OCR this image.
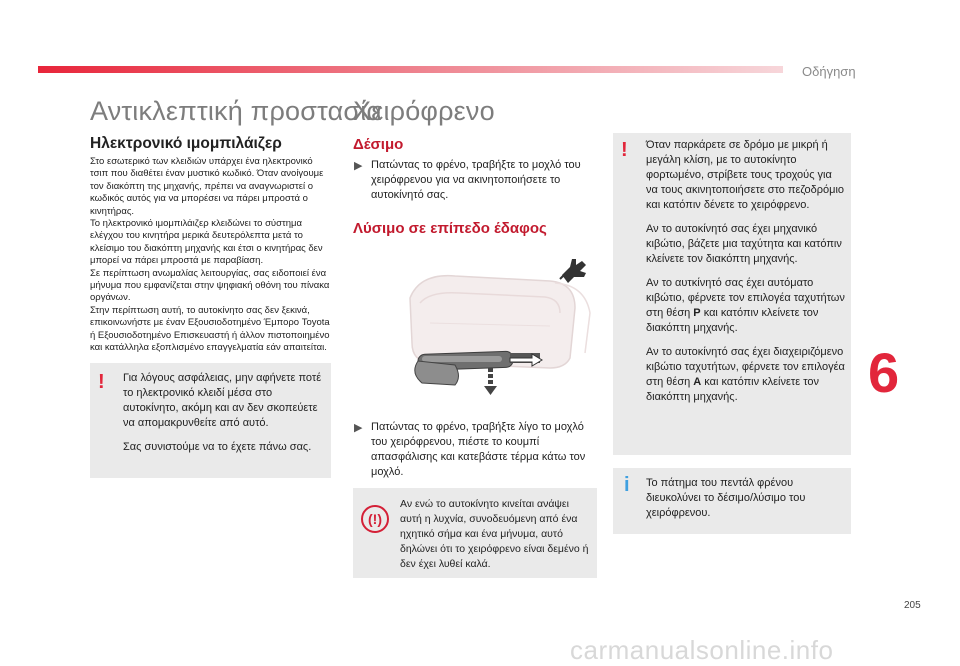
Οδήγηση
Αντικλεπτική προστασία
Ηλεκτρονικό ιμομπιλάιζερ
Στο εσωτερικό των κλειδιών υπάρχει ένα ηλεκτρονικό τσιπ που διαθέτει έναν μυστικό κωδικό. Όταν ανοίγουμε τον διακόπτη της μηχανής, πρέπει να αναγνωριστεί ο κωδικός αυτός για να μπορέσει να πάρει μπροστά ο κινητήρας.
Το ηλεκτρονικό ιμομπιλάιζερ κλειδώνει το σύστημα ελέγχου του κινητήρα μερικά δευτερόλεπτα μετά το κλείσιμο του διακόπτη μηχανής και έτσι ο κινητήρας δεν μπορεί να πάρει μπροστά με παραβίαση.
Σε περίπτωση ανωμαλίας λειτουργίας, σας ειδοποιεί ένα μήνυμα που εμφανίζεται στην ψηφιακή οθόνη του πίνακα οργάνων.
Στην περίπτωση αυτή, το αυτοκίνητο σας δεν ξεκινά, επικοινωνήστε με έναν Εξουσιοδοτημένο Έμπορο Toyota ή Εξουσιοδοτημένο Επισκευαστή ή άλλον πιστοποιημένο και κατάλληλα εξοπλισμένο επαγγελματία εάν απαιτείται.
! Για λόγους ασφάλειας, μην αφήνετε ποτέ το ηλεκτρονικό κλειδί μέσα στο αυτοκίνητο, ακόμη και αν δεν σκοπεύετε να απομακρυνθείτε από αυτό.
Σας συνιστούμε να το έχετε πάνω σας.
Χειρόφρενο
Δέσιμο
▶ Πατώντας το φρένο, τραβήξτε το μοχλό του χειρόφρενου για να ακινητοποιήσετε το αυτοκίνητό σας.
Λύσιμο σε επίπεδο έδαφος
▶ Πατώντας το φρένο, τραβήξτε λίγο το μοχλό του χειρόφρενου, πιέστε το κουμπί απασφάλισης και κατεβάστε τέρμα κάτω τον μοχλό.
(!)
Αν ενώ το αυτοκίνητο κινείται ανάψει αυτή η λυχνία, συνοδευόμενη από ένα ηχητικό σήμα και ένα μήνυμα, αυτό δηλώνει ότι το χειρόφρενο είναι δεμένο ή δεν έχει λυθεί καλά.
! Όταν παρκάρετε σε δρόμο με μικρή ή μεγάλη κλίση, με το αυτοκίνητο φορτωμένο, στρίβετε τους τροχούς για να τους ακινητοποιήσετε στο πεζοδρόμιο και κατόπιν δένετε το χειρόφρενο.
Αν το αυτοκίνητό σας έχει μηχανικό κιβώτιο, βάζετε μια ταχύτητα και κατόπιν κλείνετε τον διακόπτη μηχανής.
Αν το αυτκίνητό σας έχει αυτόματο κιβώτιο, φέρνετε τον επιλογέα ταχυτήτων στη θέση P και κατόπιν κλείνετε τον διακόπτη μηχανής.
Αν το αυτοκίνητό σας έχει διαχειριζόμενο κιβώτιο ταχυτήτων, φέρνετε τον επιλογέα στη θέση A και κατόπιν κλείνετε τον διακόπτη μηχανής.
i Το πάτημα του πεντάλ φρένου διευκολύνει το δέσιμο/λύσιμο του χειρόφρενου.
6
205
carmanualsonline.info
